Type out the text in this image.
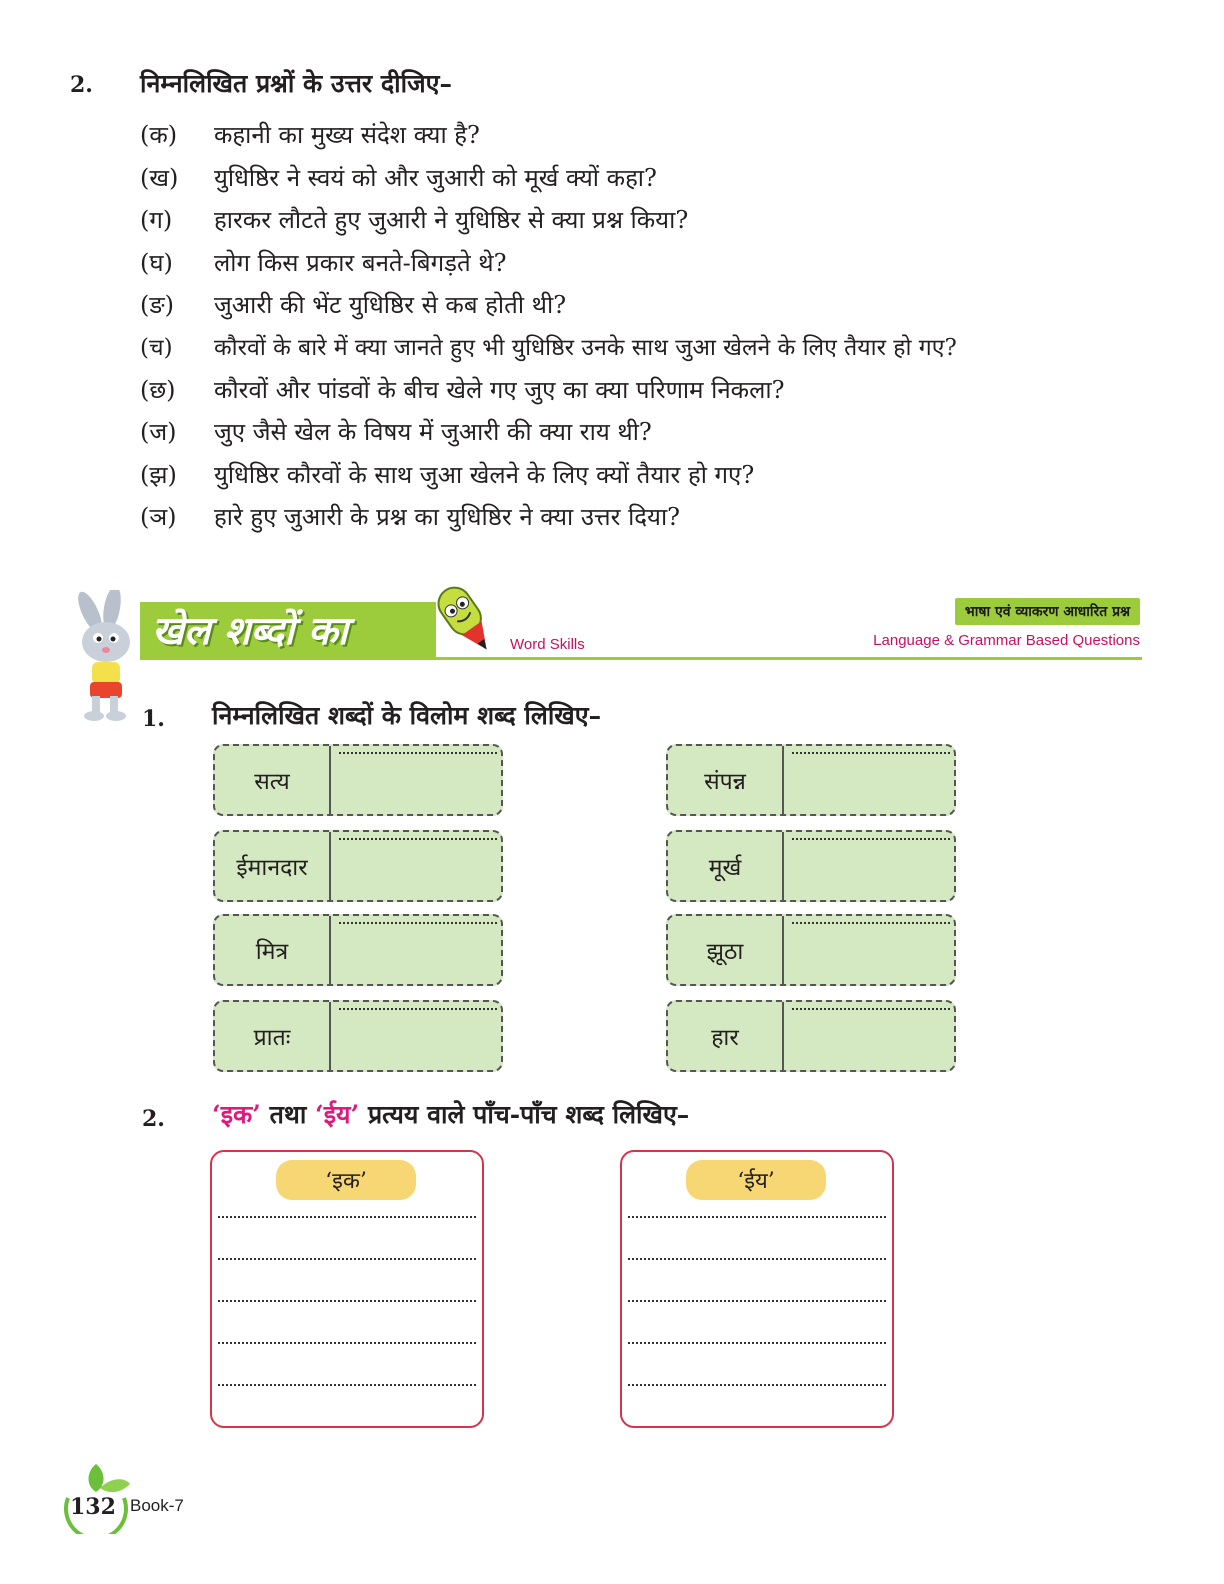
2. निम्नलिखित प्रश्नों के उत्तर दीजिए–
(क) कहानी का मुख्य संदेश क्या है?
(ख) युधिष्ठिर ने स्वयं को और जुआरी को मूर्ख क्यों कहा?
(ग) हारकर लौटते हुए जुआरी ने युधिष्ठिर से क्या प्रश्न किया?
(घ) लोग किस प्रकार बनते-बिगड़ते थे?
(ङ) जुआरी की भेंट युधिष्ठिर से कब होती थी?
(च) कौरवों के बारे में क्या जानते हुए भी युधिष्ठिर उनके साथ जुआ खेलने के लिए तैयार हो गए?
(छ) कौरवों और पांडवों के बीच खेले गए जुए का क्या परिणाम निकला?
(ज) जुए जैसे खेल के विषय में जुआरी की क्या राय थी?
(झ) युधिष्ठिर कौरवों के साथ जुआ खेलने के लिए क्यों तैयार हो गए?
(ञ) हारे हुए जुआरी के प्रश्न का युधिष्ठिर ने क्या उत्तर दिया?
खेल शब्दों का	Word Skills
भाषा एवं व्याकरण आधारित प्रश्न
Language & Grammar Based Questions
1. निम्नलिखित शब्दों के विलोम शब्द लिखिए–
सत्य
ईमानदार
मित्र
प्रातः
संपन्न
मूर्ख
झूठा
हार
2. ‘इक’ तथा ‘ईय’ प्रत्यय वाले पाँच-पाँच शब्द लिखिए–
‘इक’	‘ईय’
132 Book-7
